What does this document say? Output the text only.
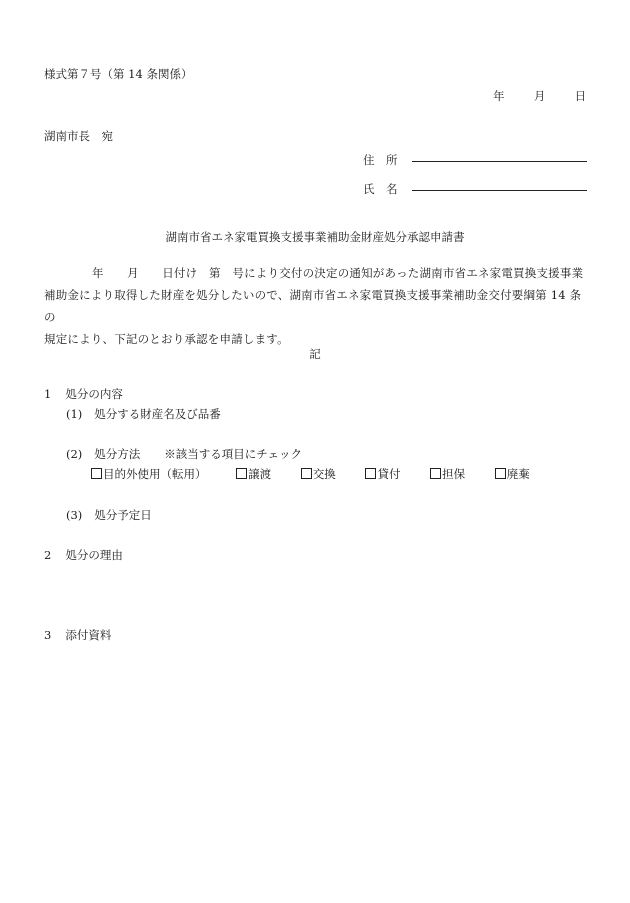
様式第７号（第 14 条関係）
年	月	日
湖南市長　宛
住　所
氏　名
湖南市省エネ家電買換支援事業補助金財産処分承認申請書

年　　月　　日付け　第　号により交付の決定の通知があった湖南市省エネ家電買換支援事業

補助金により取得した財産を処分したいので、湖南市省エネ家電買換支援事業補助金交付要綱第 14 条の

規定により、下記のとおり承認を申請します。

記
1 処分の内容
(1) 処分する財産名及び品番
(2) 処分方法 ※該当する項目にチェック
目的外使用（転用）	譲渡	交換	貸付	担保	廃棄
(3) 処分予定日
2 処分の理由
3 添付資料
